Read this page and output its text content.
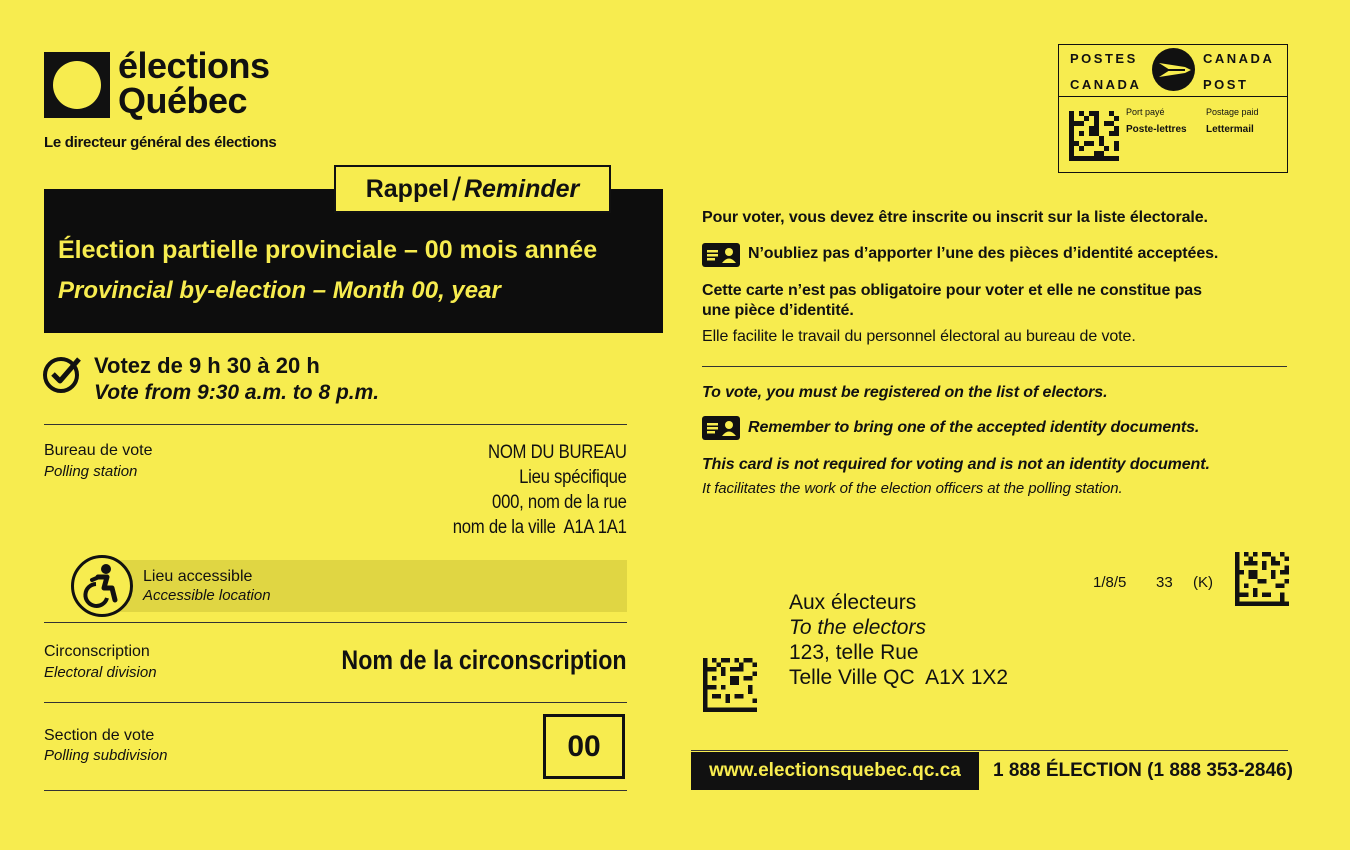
élections
Québec
Le directeur général des élections
Élection partielle provinciale – 00 mois année
Provincial by-election – Month 00, year
Rappel / Reminder
Votez de 9 h 30 à 20 h
Vote from 9:30 a.m. to 8 p.m.
Bureau de vote
Polling station
NOM DU BUREAU
Lieu spécifique
000, nom de la rue
nom de la ville  A1A 1A1
Lieu accessible
Accessible location
Circonscription
Electoral division	Nom de la circonscription
Section de vote
Polling subdivision	00
POSTES	CANADA
CANADA	POST
Port payé	Postage paid
Poste-lettres Lettermail
Pour voter, vous devez être inscrite ou inscrit sur la liste électorale.
N’oubliez pas d’apporter l’une des pièces d’identité acceptées.
Cette carte n’est pas obligatoire pour voter et elle ne constitue pas
une pièce d’identité.
Elle facilite le travail du personnel électoral au bureau de vote.
To vote, you must be registered on the list of electors.
Remember to bring one of the accepted identity documents.
This card is not required for voting and is not an identity document.
It facilitates the work of the election officers at the polling station.
1/8/5 33 (K)
Aux électeurs
To the electors
123, telle Rue
Telle Ville QC  A1X 1X2
www.electionsquebec.qc.ca	1 888 ÉLECTION (1 888 353-2846)
